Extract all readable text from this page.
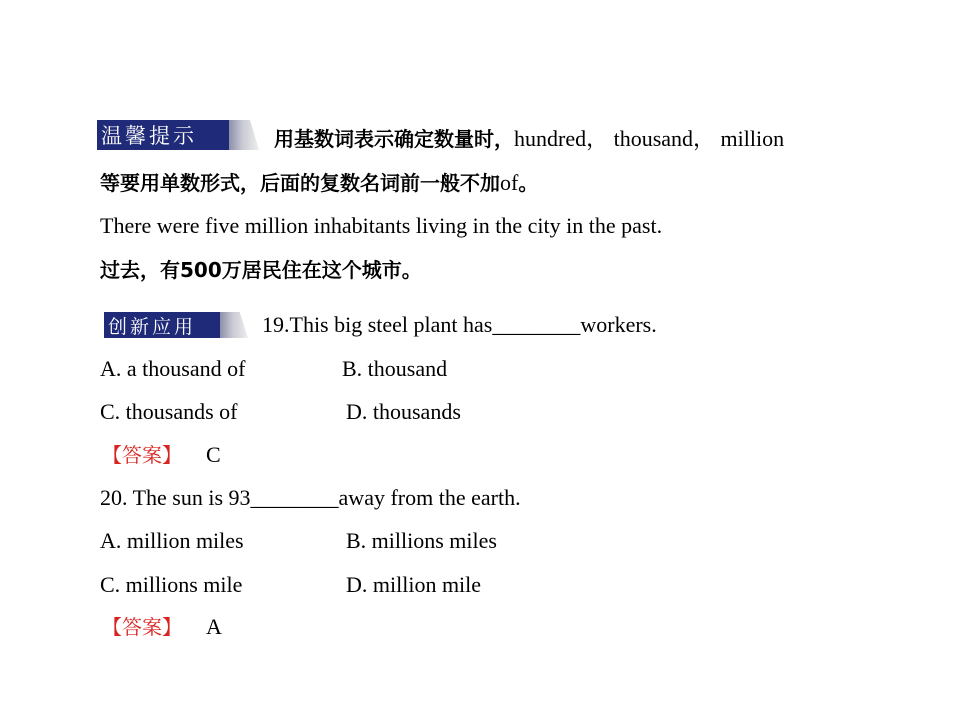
温馨提示	用基数词表示确定数量时，hundred， thousand， million
等要用单数形式，后面的复数名词前一般不加of。
There were five million inhabitants living in the city in the past.
过去，有500万居民住在这个城市。
创新应用	19.This big steel plant has________workers.
A. a thousand of	B. thousand
C. thousands of	D. thousands
【答案】 C
20. The sun is 93________away from the earth.
A. million miles	B. millions miles
C. millions mile	D. million mile
【答案】 A
